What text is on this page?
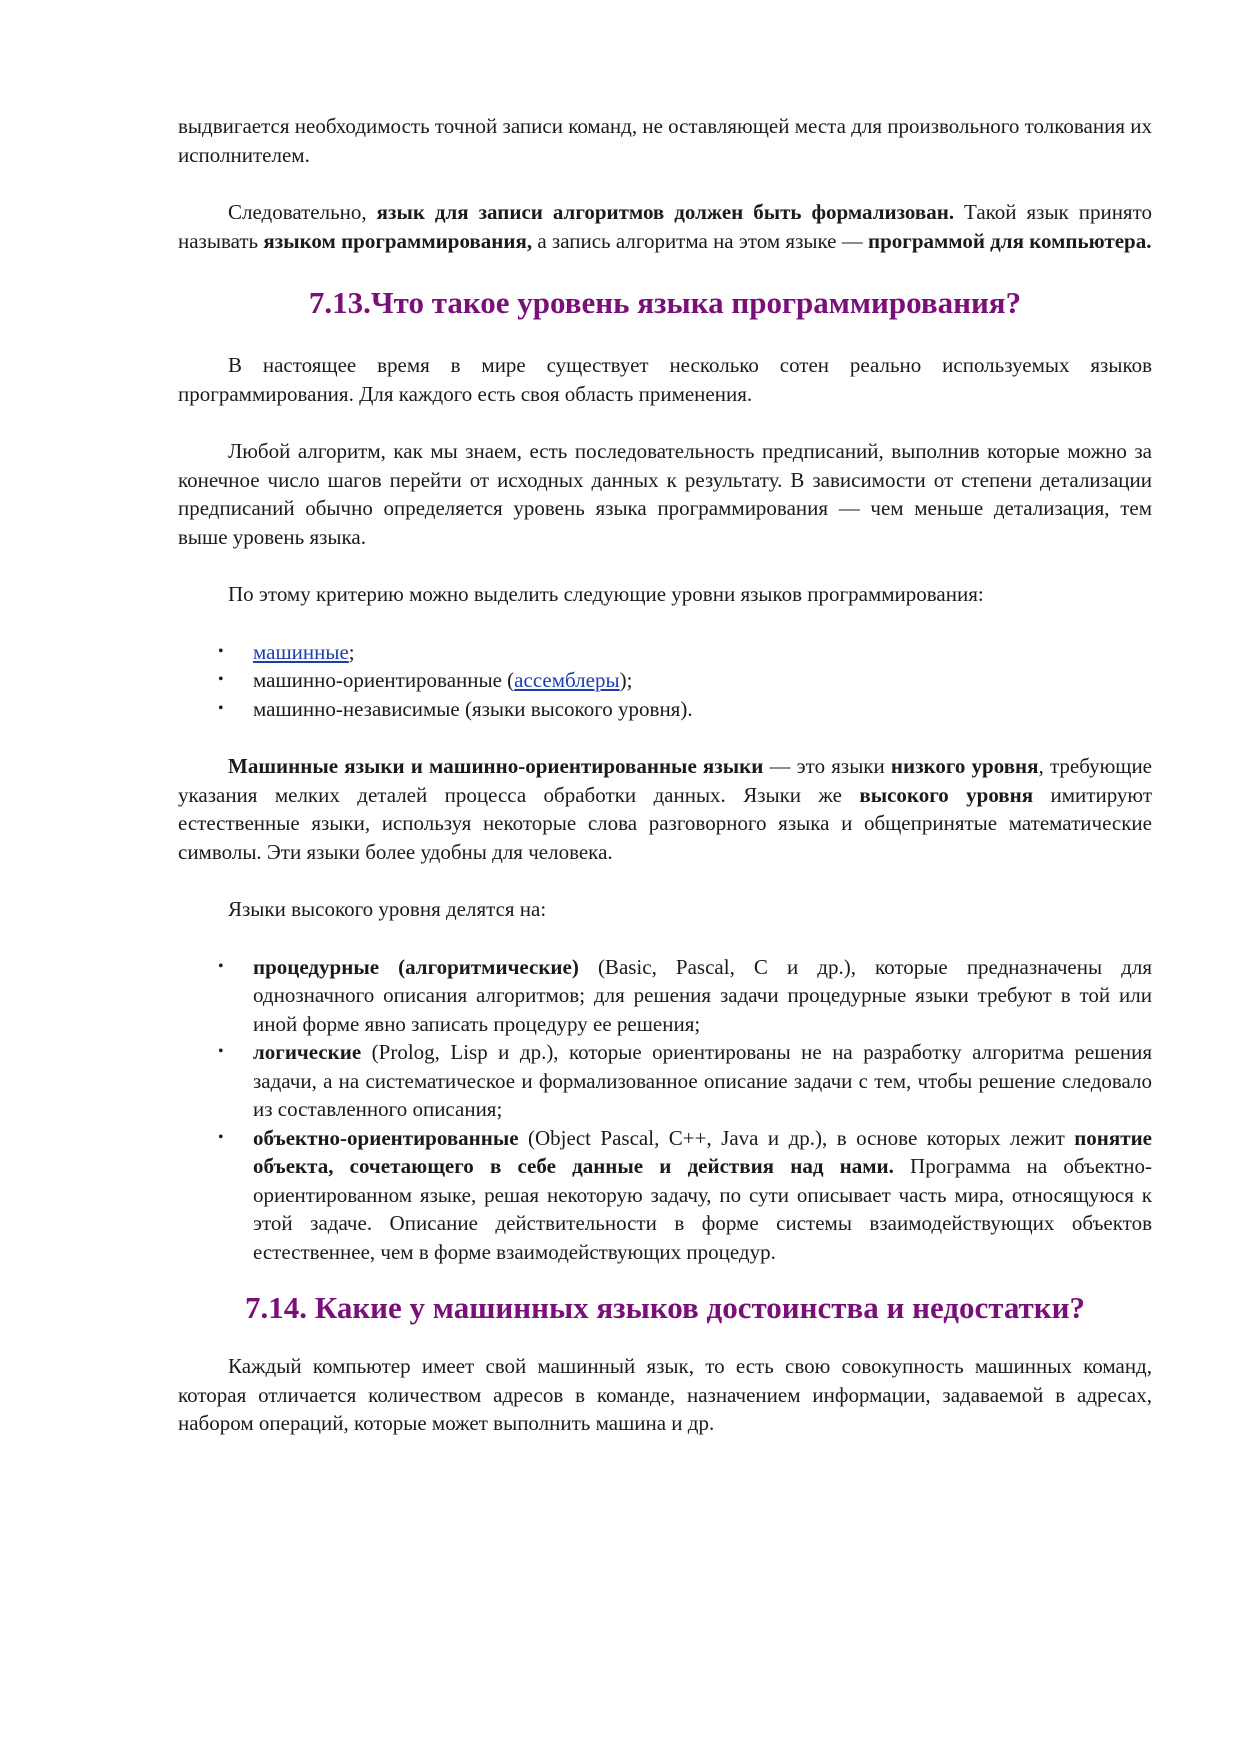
выдвигается необходимость точной записи команд, не оставляющей места для произвольного толкования их исполнителем.

Следовательно, язык для записи алгоритмов должен быть формализован. Такой язык принято называть языком программирования, а запись алгоритма на этом языке — программой для компьютера.

7.13.Что такое уровень языка программирования?

В настоящее время в мире существует несколько сотен реально используемых языков программирования. Для каждого есть своя область применения.

Любой алгоритм, как мы знаем, есть последовательность предписаний, выполнив которые можно за конечное число шагов перейти от исходных данных к результату. В зависимости от степени детализации предписаний обычно определяется уровень языка программирования — чем меньше детализация, тем выше уровень языка.

По этому критерию можно выделить следующие уровни языков программирования:

• машинные;
• машинно-ориентированные (ассемблеры);
• машинно-независимые (языки высокого уровня).

Машинные языки и машинно-ориентированные языки — это языки низкого уровня, требующие указания мелких деталей процесса обработки данных. Языки же высокого уровня имитируют естественные языки, используя некоторые слова разговорного языка и общепринятые математические символы. Эти языки более удобны для человека.

Языки высокого уровня делятся на:

• процедурные (алгоритмические) (Basic, Pascal, C и др.), которые предназначены для однозначного описания алгоритмов; для решения задачи процедурные языки требуют в той или иной форме явно записать процедуру ее решения;
• логические (Prolog, Lisp и др.), которые ориентированы не на разработку алгоритма решения задачи, а на систематическое и формализованное описание задачи с тем, чтобы решение следовало из составленного описания;
• объектно-ориентированные (Object Pascal, C++, Java и др.), в основе которых лежит понятие объекта, сочетающего в себе данные и действия над нами. Программа на объектно-ориентированном языке, решая некоторую задачу, по сути описывает часть мира, относящуюся к этой задаче. Описание действительности в форме системы взаимодействующих объектов естественнее, чем в форме взаимодействующих процедур.
7.14. Какие у машинных языков достоинства и недостатки?

Каждый компьютер имеет свой машинный язык, то есть свою совокупность машинных команд, которая отличается количеством адресов в команде, назначением информации, задаваемой в адресах, набором операций, которые может выполнить машина и др.
